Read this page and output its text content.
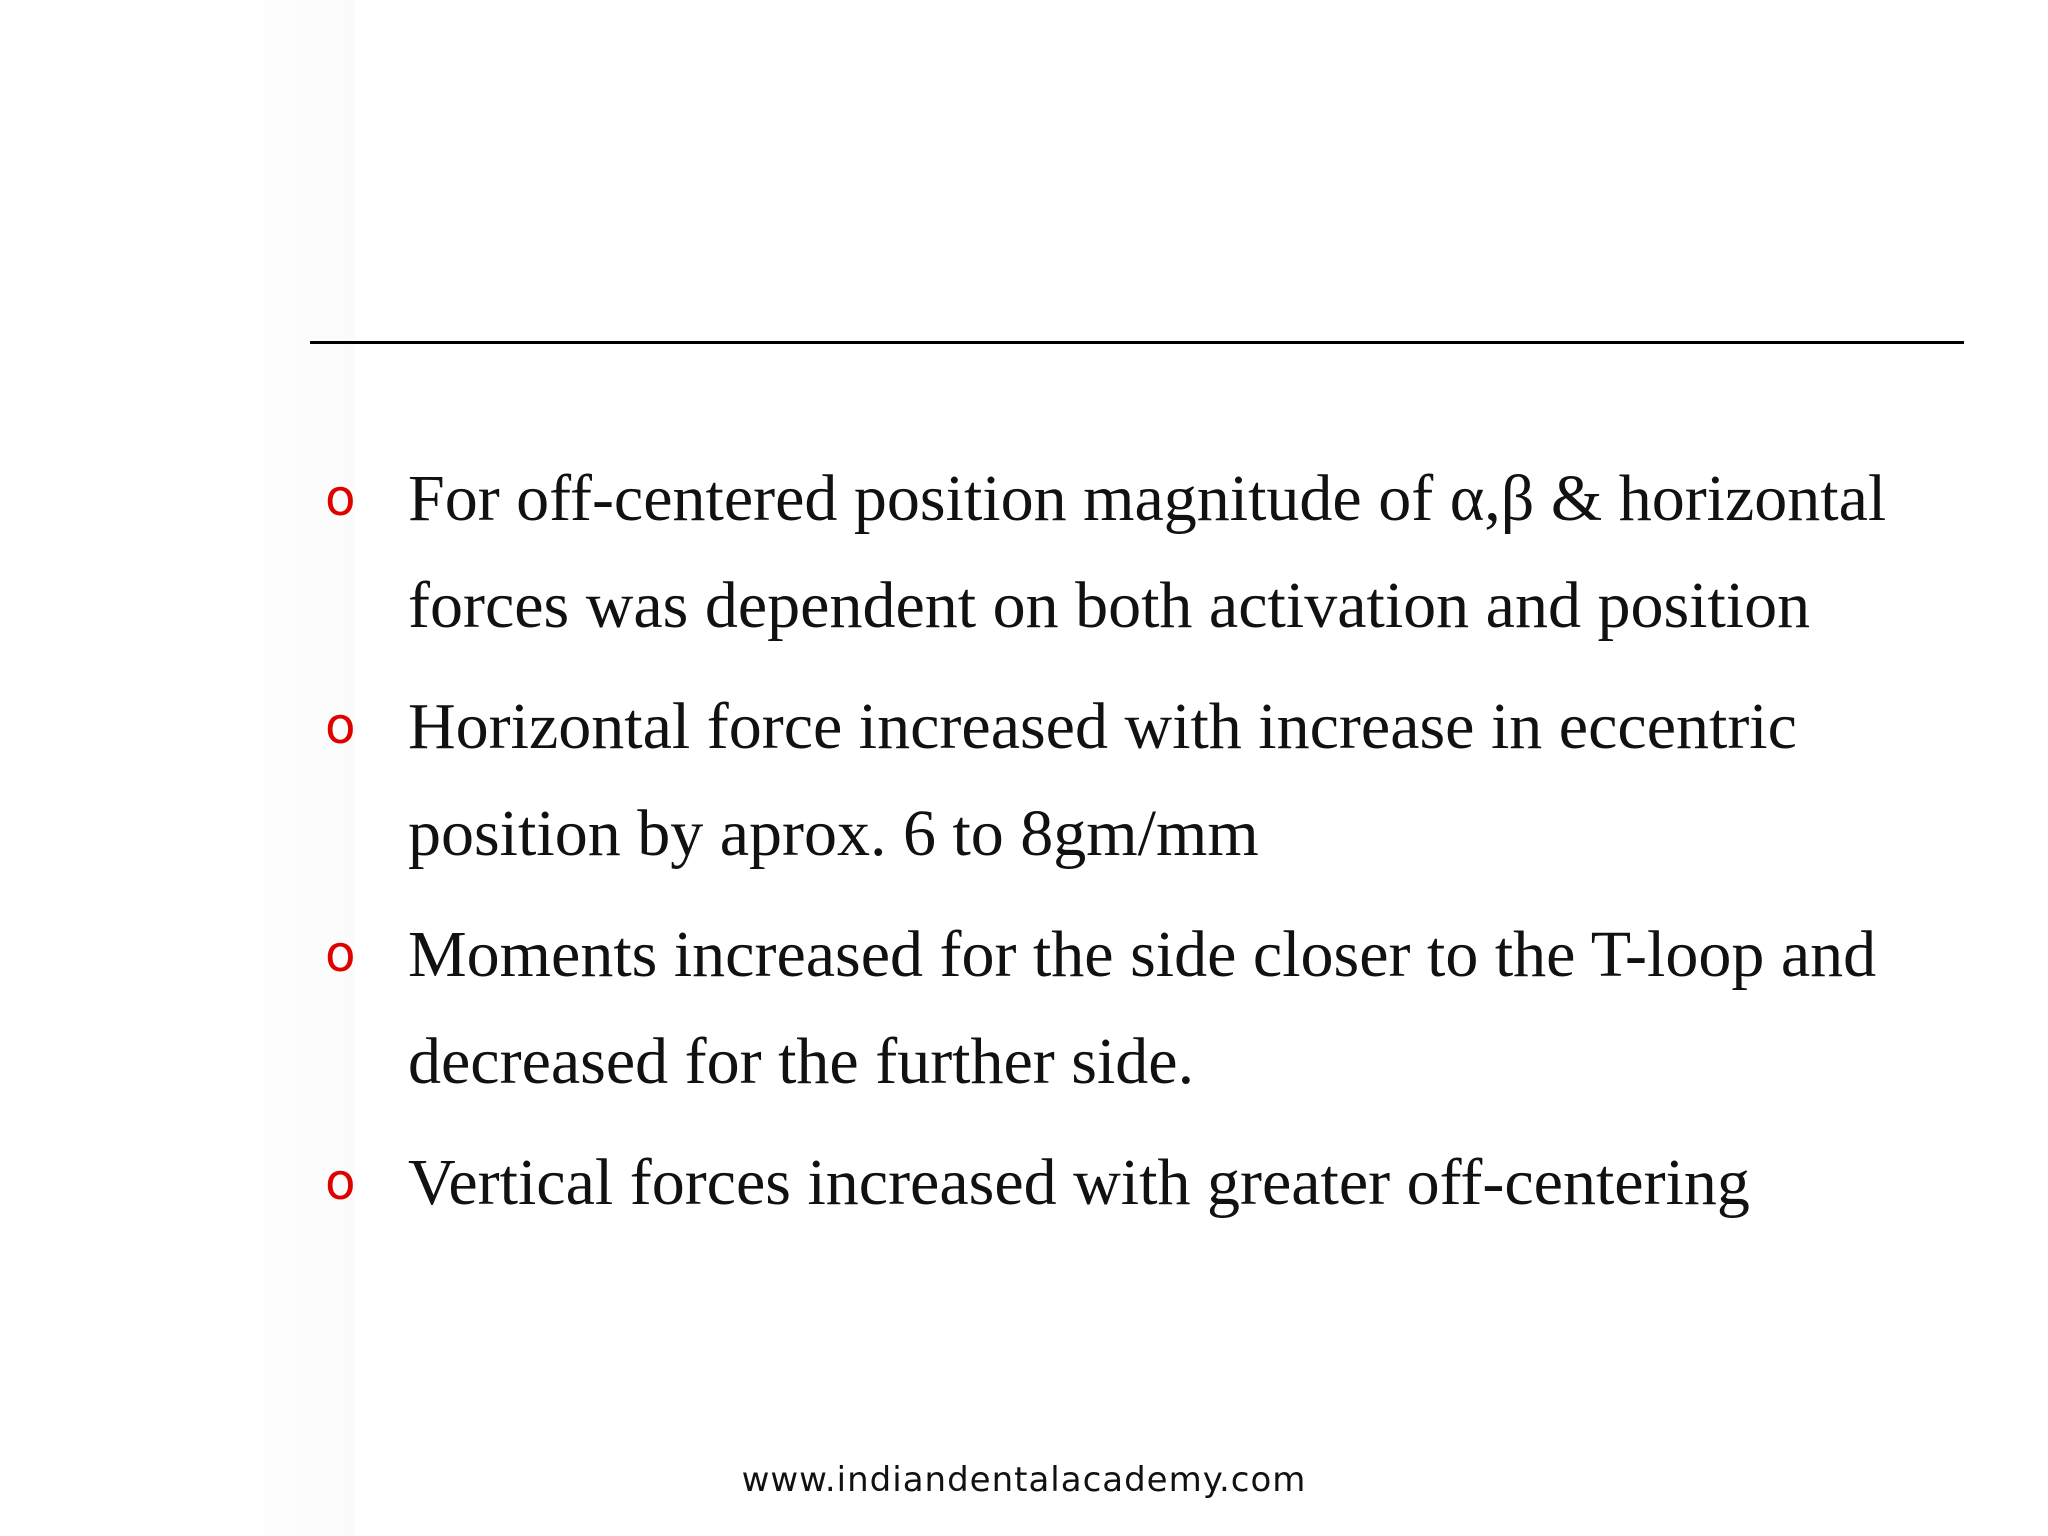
o For off-centered position magnitude of α,β & horizontal forces was dependent on both activation and position
o Horizontal force increased with increase in eccentric position by aprox. 6 to 8gm/mm
o Moments increased for the side closer to the T-loop and decreased for the further side.
o Vertical forces increased with greater off-centering
www.indiandentalacademy.com
